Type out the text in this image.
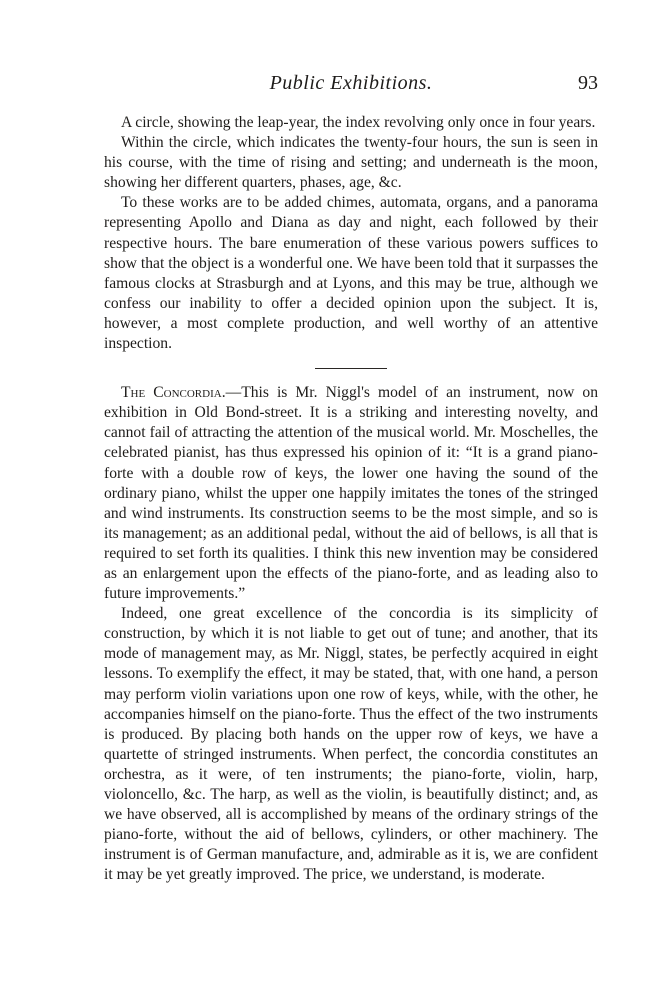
Public Exhibitions.	93

A circle, showing the leap-year, the index revolving only once in four years.

Within the circle, which indicates the twenty-four hours, the sun is seen in his course, with the time of rising and setting; and underneath is the moon, showing her different quarters, phases, age, &c.

To these works are to be added chimes, automata, organs, and a panorama representing Apollo and Diana as day and night, each followed by their respective hours. The bare enumeration of these various powers suffices to show that the object is a wonderful one. We have been told that it surpasses the famous clocks at Strasburgh and at Lyons, and this may be true, although we confess our inability to offer a decided opinion upon the subject. It is, however, a most complete production, and well worthy of an attentive inspection.

The Concordia.—This is Mr. Niggl's model of an instrument, now on exhibition in Old Bond-street. It is a striking and interesting novelty, and cannot fail of attracting the attention of the musical world. Mr. Moschelles, the celebrated pianist, has thus expressed his opinion of it: “It is a grand piano-forte with a double row of keys, the lower one having the sound of the ordinary piano, whilst the upper one happily imitates the tones of the stringed and wind instruments. Its construction seems to be the most simple, and so is its management; as an additional pedal, without the aid of bellows, is all that is required to set forth its qualities. I think this new invention may be considered as an enlargement upon the effects of the piano-forte, and as leading also to future improvements.”

Indeed, one great excellence of the concordia is its simplicity of construction, by which it is not liable to get out of tune; and another, that its mode of management may, as Mr. Niggl, states, be perfectly acquired in eight lessons. To exemplify the effect, it may be stated, that, with one hand, a person may perform violin variations upon one row of keys, while, with the other, he accompanies himself on the piano-forte. Thus the effect of the two instruments is produced. By placing both hands on the upper row of keys, we have a quartette of stringed instruments. When perfect, the concordia constitutes an orchestra, as it were, of ten instruments; the piano-forte, violin, harp, violoncello, &c. The harp, as well as the violin, is beautifully distinct; and, as we have observed, all is accomplished by means of the ordinary strings of the piano-forte, without the aid of bellows, cylinders, or other machinery. The instrument is of German manufacture, and, admirable as it is, we are confident it may be yet greatly improved. The price, we understand, is moderate.
